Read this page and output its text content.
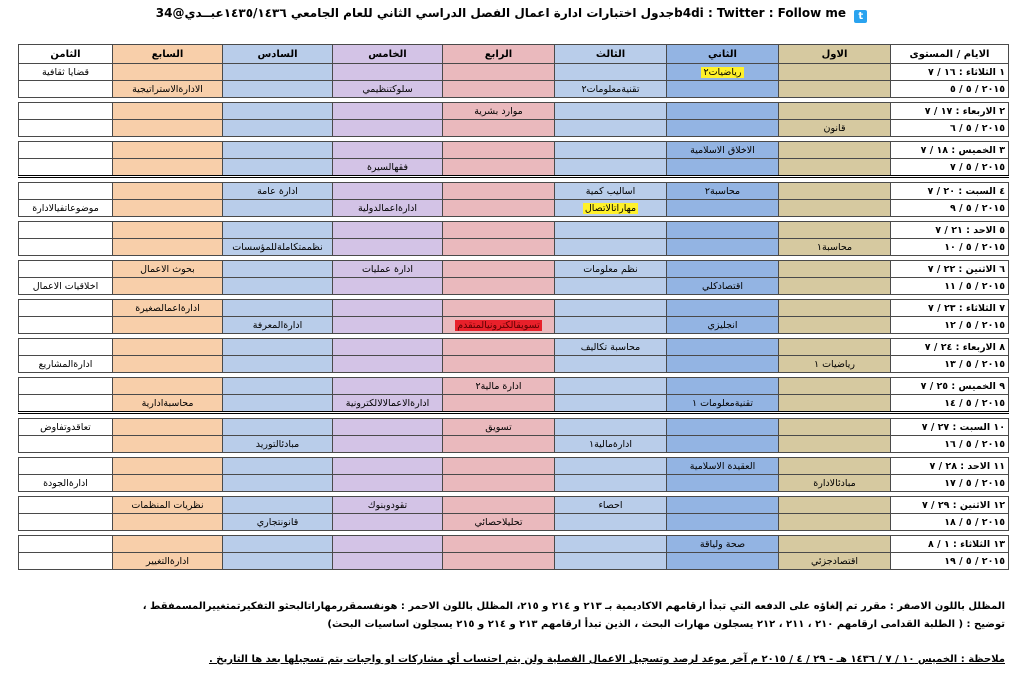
جدول اختبارات ادارة اعمال الفصل الدراسي الثاني للعام الجامعي ١٤٣٥/١٤٣٦عبــدي@34b4di : Twitter : Follow me t
الايام / المستوى	الاول	الثاني	الثالث	الرابع	الخامس	السادس	السابع	الثامن
١ الثلاثاء : ١٦ / ٧		رياضيات٢						قضايا ثقافية
٢٠١٥ / ٥ / ٥			تقنيةمعلومات٢		سلوكتنظيمي		الادارةالاستراتيجية	

٢ الاربعاء : ١٧ / ٧				موارد بشرية				
٢٠١٥ / ٥ / ٦	قانون							

٣ الخميس : ١٨ / ٧		الاخلاق الاسلامية						
٢٠١٥ / ٥ / ٧					فقهالسيرة			

٤ السبت : ٢٠ / ٧		محاسبة٢	اساليب كمية			ادارة عامة		
٢٠١٥ / ٥ / ٩			مهاراتالاتصال		ادارةاعمالدولية			موضوعاتفيالادارة

٥ الاحد : ٢١ / ٧								
٢٠١٥ / ٥ / ١٠	محاسبة١					نظممتكاملةللمؤسسات		

٦ الاثنين : ٢٢ / ٧			نظم معلومات		ادارة عمليات		بحوث الاعمال	
٢٠١٥ / ٥ / ١١		اقتصادكلي						اخلاقيات الاعمال

٧ الثلاثاء : ٢٣ / ٧							ادارةاعمالصغيرة	
٢٠١٥ / ٥ / ١٢		انجليزي		تسويقالكترونيالمتقدم		ادارةالمعرفة		

٨ الاربعاء : ٢٤ / ٧			محاسبة تكاليف					
٢٠١٥ / ٥ / ١٣	رياضيات ١							ادارةالمشاريع

٩ الخميس : ٢٥ / ٧				ادارة مالية٢				
٢٠١٥ / ٥ / ١٤		تقنيةمعلومات ١			ادارةالاعمالالالكترونية		محاسبةادارية	

١٠ السبت : ٢٧ / ٧				تسويق				تعاقدوتفاوض
٢٠١٥ / ٥ / ١٦			ادارةمالية١			مبادئالتوريد		

١١ الاحد : ٢٨ / ٧		العقيدة الاسلامية						
٢٠١٥ / ٥ / ١٧	مبادئالادارة							ادارةالجودة

١٢ الاثنين : ٢٩ / ٧			احصاء		تقودوبنوك		نظريات المنظمات	
٢٠١٥ / ٥ / ١٨				تحليلاحصائي		قانونتجاري		

١٣ الثلاثاء : ١ / ٨		صحة ولياقة						
٢٠١٥ / ٥ / ١٩	اقتصادجزئي						ادارةالتغيير	
المظلل باللون الاصفر : مقرر تم إلغاؤه على الدفعه التي تبدأ ارقامهم الاكاديمية بـ ٢١٣ و ٢١٤ و ٢١٥، المظلل باللون الاحمر : هونفسمقررمهاراتالبحثو التفكيرتمتغييرالمسمفقط ،
توضيح : ( الطلبة القدامى ارقامهم ٢١٠ ، ٢١١ ، ٢١٢ يسجلون مهارات البحث ، الذين تبدأ ارقامهم ٢١٣ و ٢١٤ و ٢١٥ يسجلون اساسيات البحث)
ملاحظة : الخميس ١٠ / ٧ / ١٤٣٦ هـ - ٢٩ / ٤ / ٢٠١٥ م آخر موعد لرصد وتسجيل الاعمال الفصلية ولن يتم احتساب أي مشاركات او واجبات يتم تسجيلها بعد ها التاريخ .
